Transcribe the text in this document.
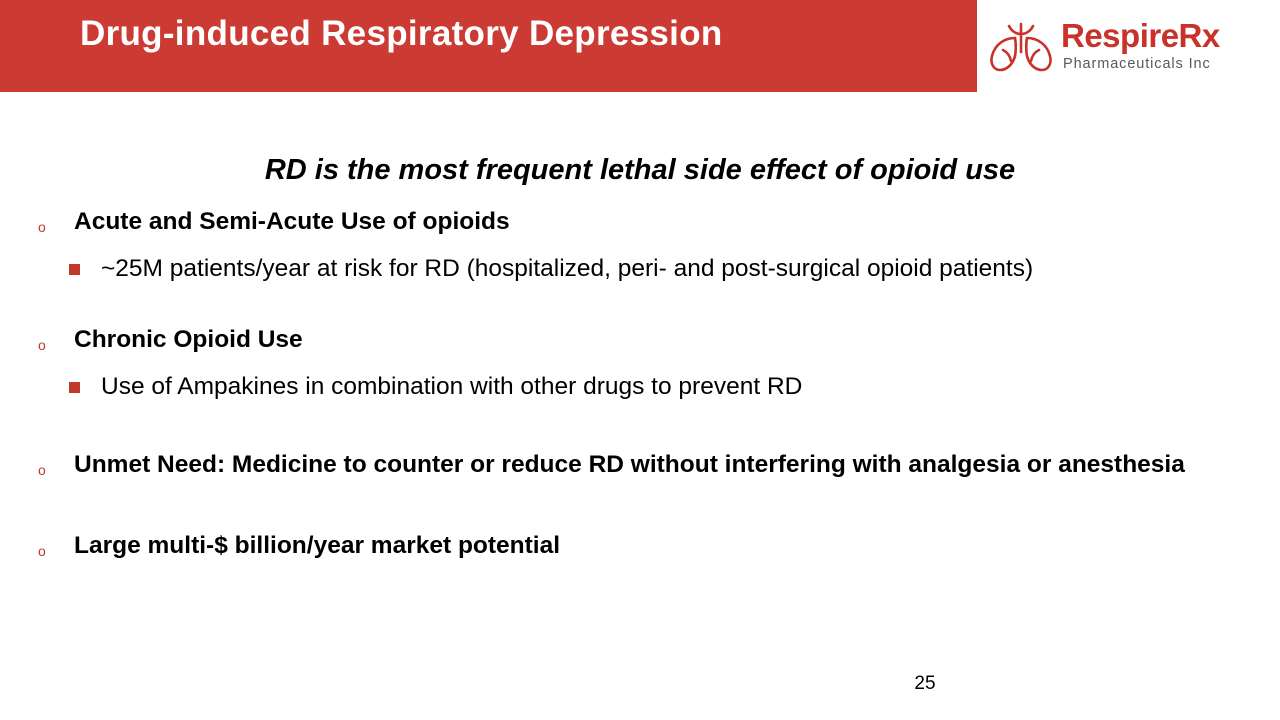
Drug-induced Respiratory Depression	RespireRx
Pharmaceuticals Inc
RD is the most frequent lethal side effect of opioid use
o Acute and Semi-Acute Use of opioids
~25M patients/year at risk for RD (hospitalized, peri- and post-surgical opioid patients)
o Chronic Opioid Use
Use of Ampakines in combination with other drugs to prevent RD
o Unmet Need: Medicine to counter or reduce RD without interfering with analgesia or anesthesia
o Large multi-$ billion/year market potential
25
